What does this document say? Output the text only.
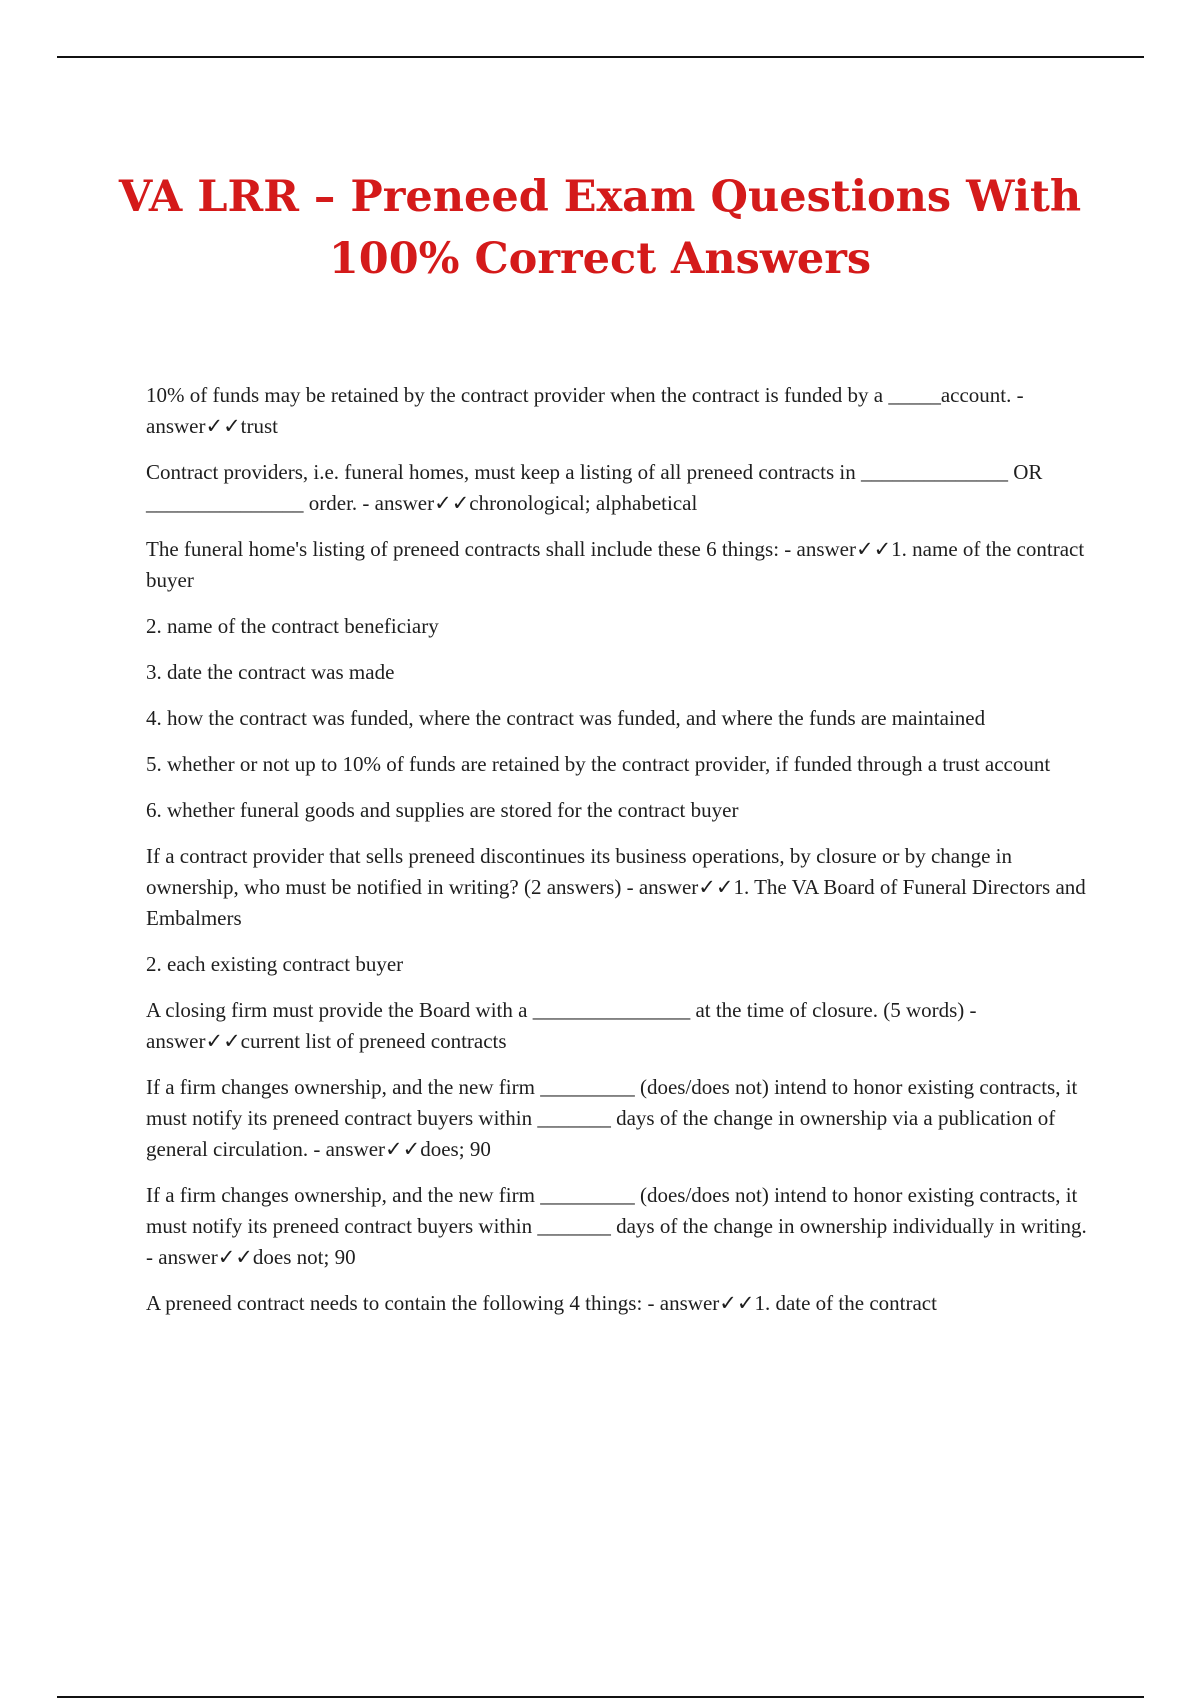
VA LRR – Preneed Exam Questions With
100% Correct Answers

10% of funds may be retained by the contract provider when the contract is funded by a _____account. - answer✓✓trust

Contract providers, i.e. funeral homes, must keep a listing of all preneed contracts in ______________ OR _______________ order. - answer✓✓chronological; alphabetical

The funeral home's listing of preneed contracts shall include these 6 things: - answer✓✓1. name of the contract buyer

2. name of the contract beneficiary

3. date the contract was made

4. how the contract was funded, where the contract was funded, and where the funds are maintained

5. whether or not up to 10% of funds are retained by the contract provider, if funded through a trust account

6. whether funeral goods and supplies are stored for the contract buyer

If a contract provider that sells preneed discontinues its business operations, by closure or by change in ownership, who must be notified in writing? (2 answers) - answer✓✓1. The VA Board of Funeral Directors and Embalmers

2. each existing contract buyer

A closing firm must provide the Board with a _______________ at the time of closure. (5 words) - answer✓✓current list of preneed contracts

If a firm changes ownership, and the new firm _________ (does/does not) intend to honor existing contracts, it must notify its preneed contract buyers within _______ days of the change in ownership via a publication of general circulation. - answer✓✓does; 90

If a firm changes ownership, and the new firm _________ (does/does not) intend to honor existing contracts, it must notify its preneed contract buyers within _______ days of the change in ownership individually in writing. - answer✓✓does not; 90

A preneed contract needs to contain the following 4 things: - answer✓✓1. date of the contract
